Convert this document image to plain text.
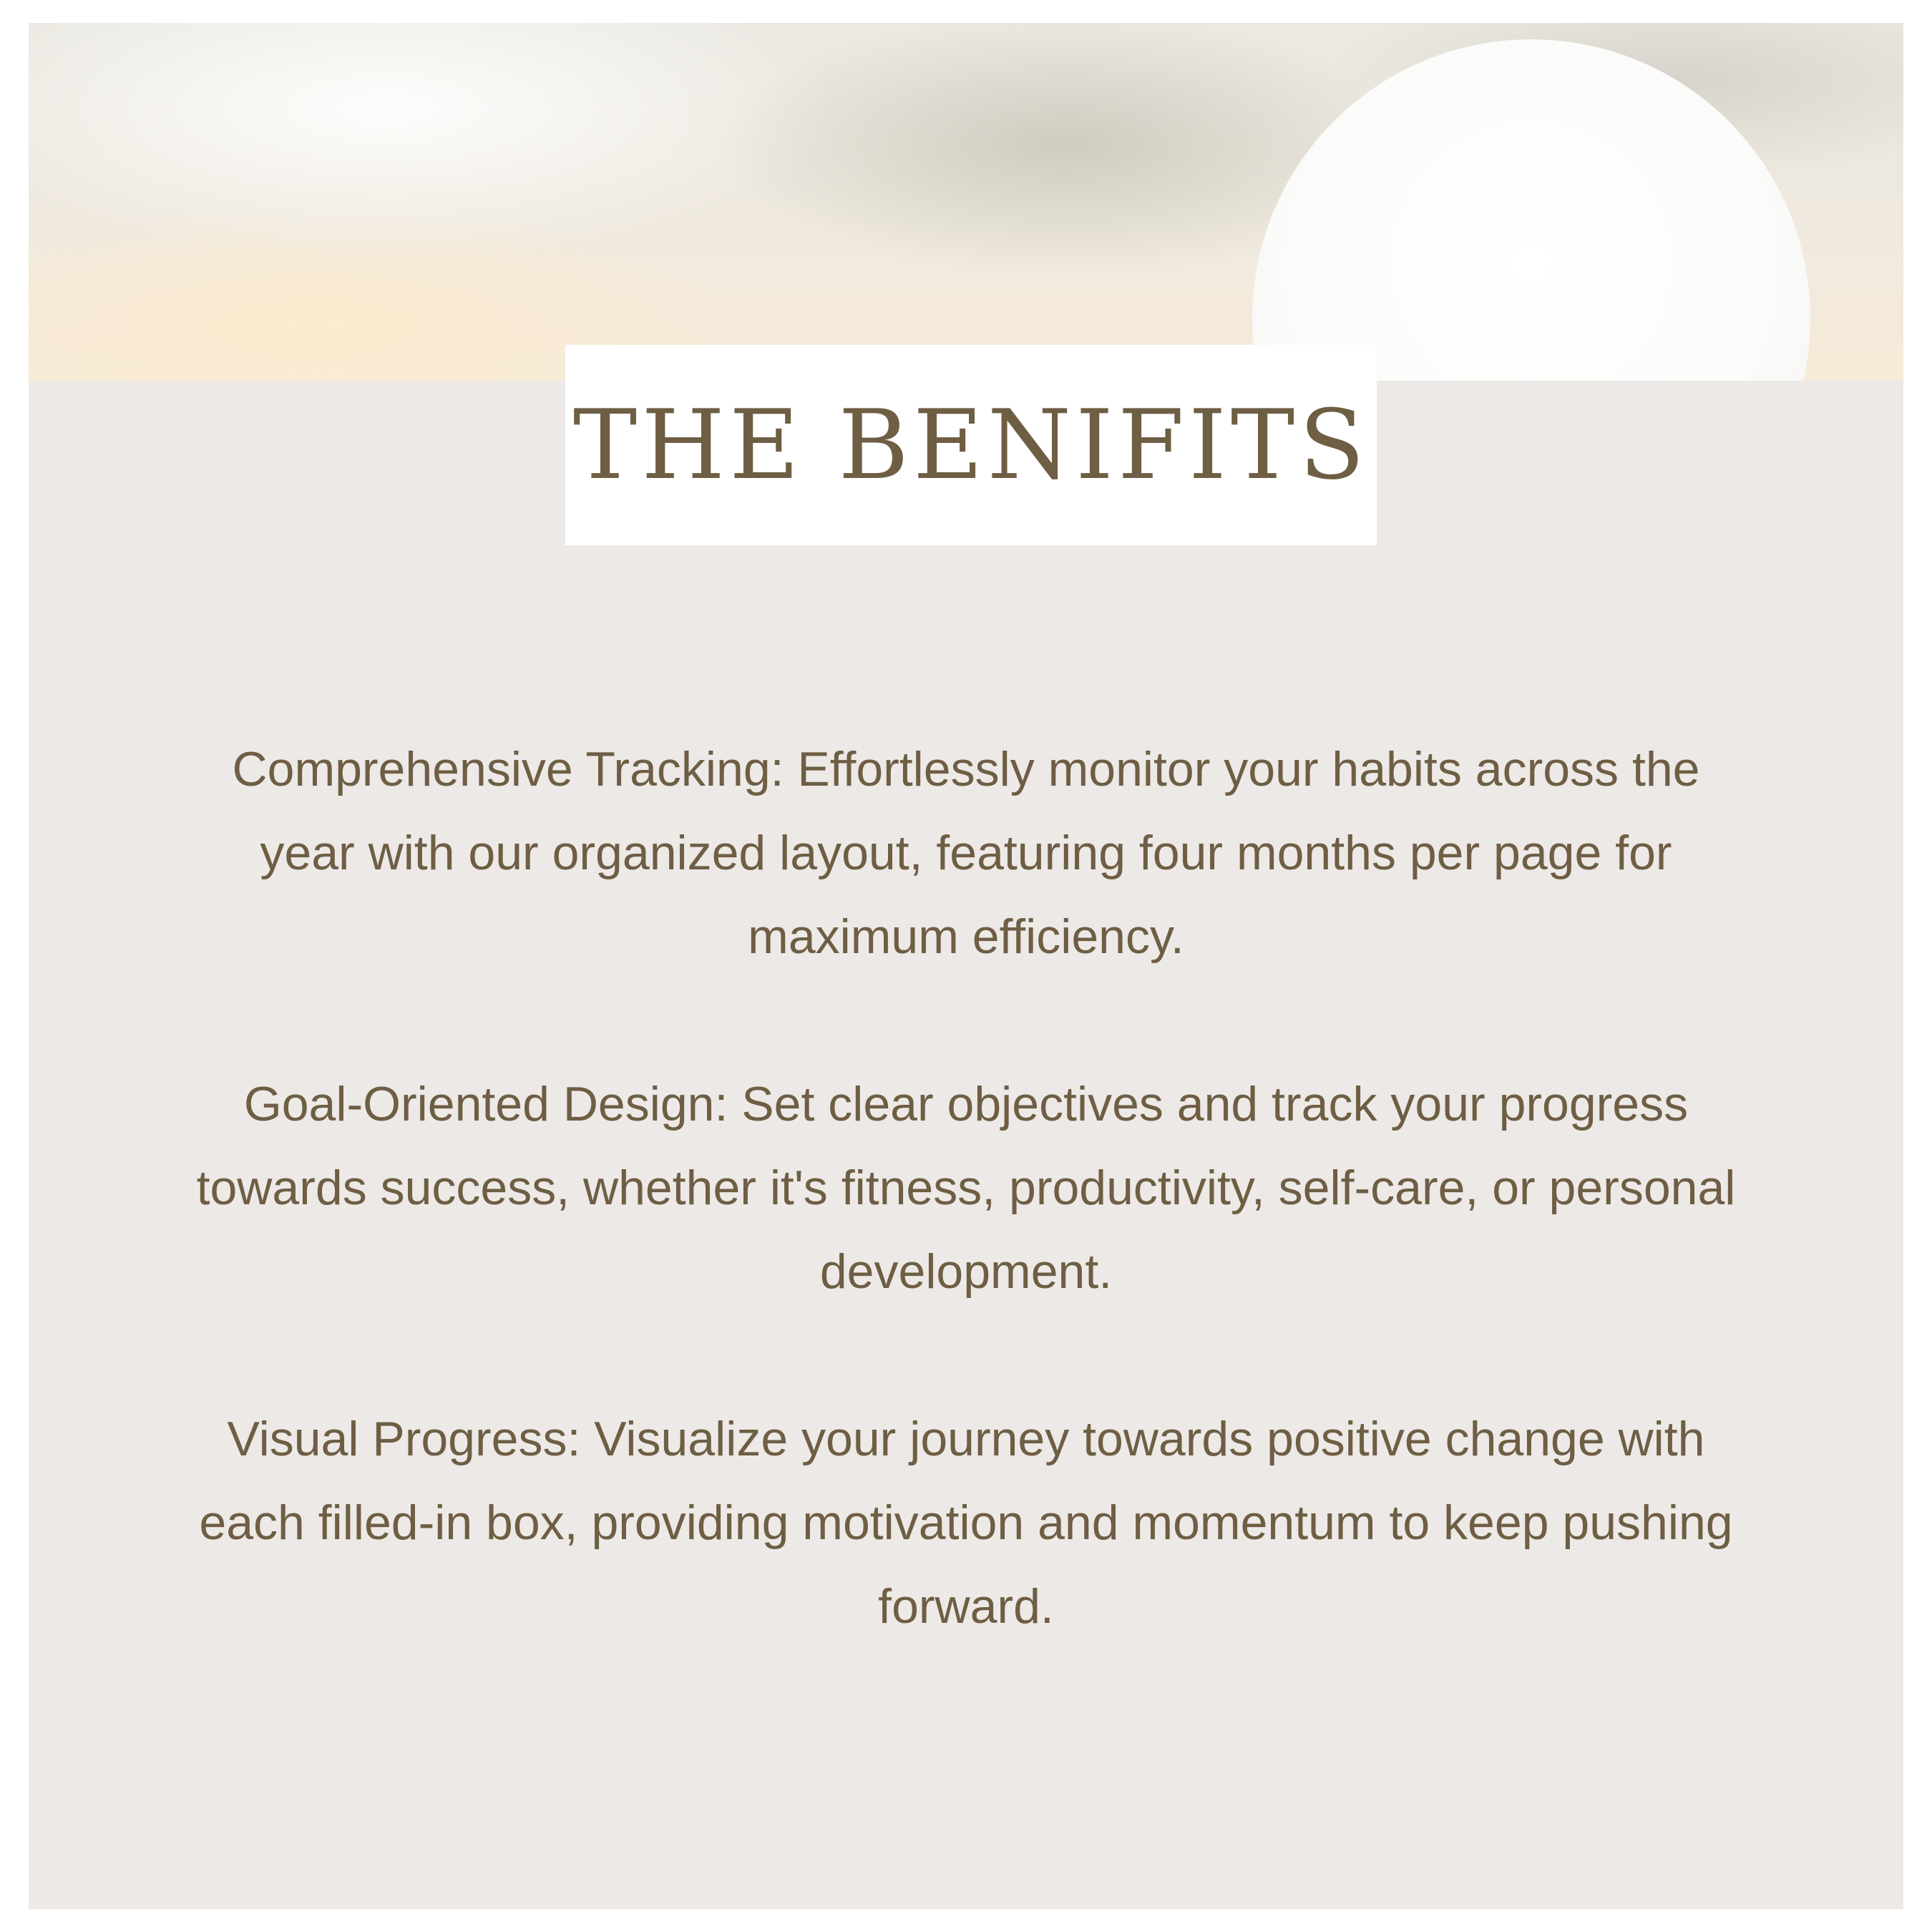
THE BENIFITS

Comprehensive Tracking: Effortlessly monitor your habits across the year with our organized layout, featuring four months per page for maximum efficiency.

Goal-Oriented Design: Set clear objectives and track your progress towards success, whether it's fitness, productivity, self-care, or personal development.

Visual Progress: Visualize your journey towards positive change with each filled-in box, providing motivation and momentum to keep pushing forward.
